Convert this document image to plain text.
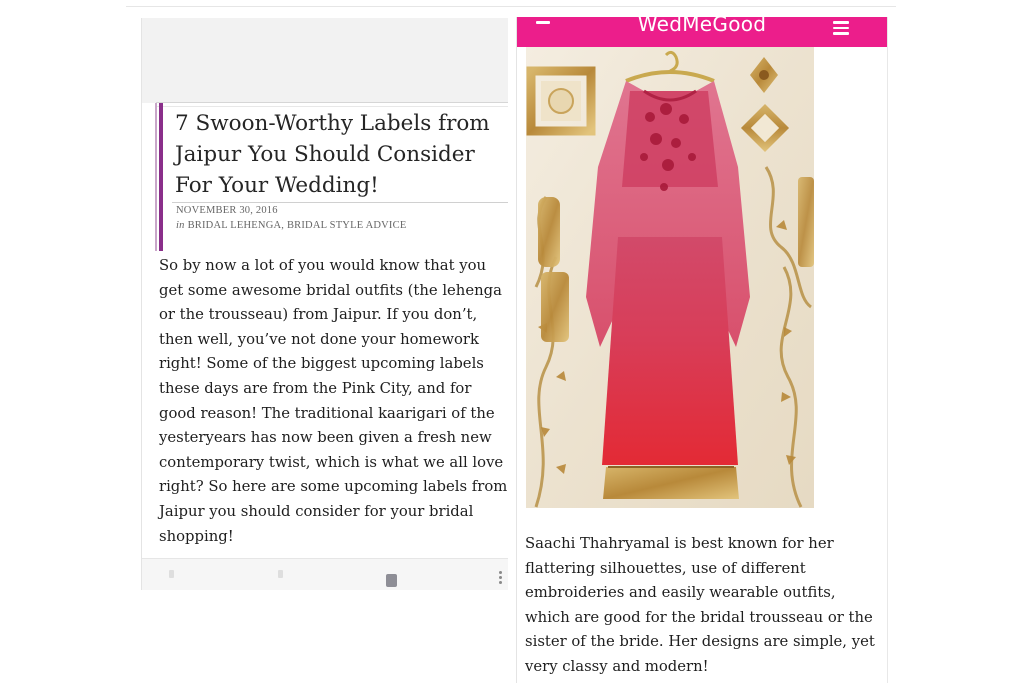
7 Swoon-Worthy Labels from Jaipur You Should Consider For Your Wedding!
NOVEMBER 30, 2016
in BRIDAL LEHENGA, BRIDAL STYLE ADVICE

So by now a lot of you would know that you get some awesome bridal outfits (the lehenga or the trousseau) from Jaipur. If you don’t, then well, you’ve not done your homework right! Some of the biggest upcoming labels these days are from the Pink City, and for good reason! The traditional kaarigari of the yesteryears has now been given a fresh new contemporary twist, which is what we all love right? So here are some upcoming labels from Jaipur you should consider for your bridal shopping!

WedMeGood

Saachi Thahryamal is best known for her flattering silhouettes, use of different embroideries and easily wearable outfits, which are good for the bridal trousseau or the sister of the bride. Her designs are simple, yet very classy and modern!
